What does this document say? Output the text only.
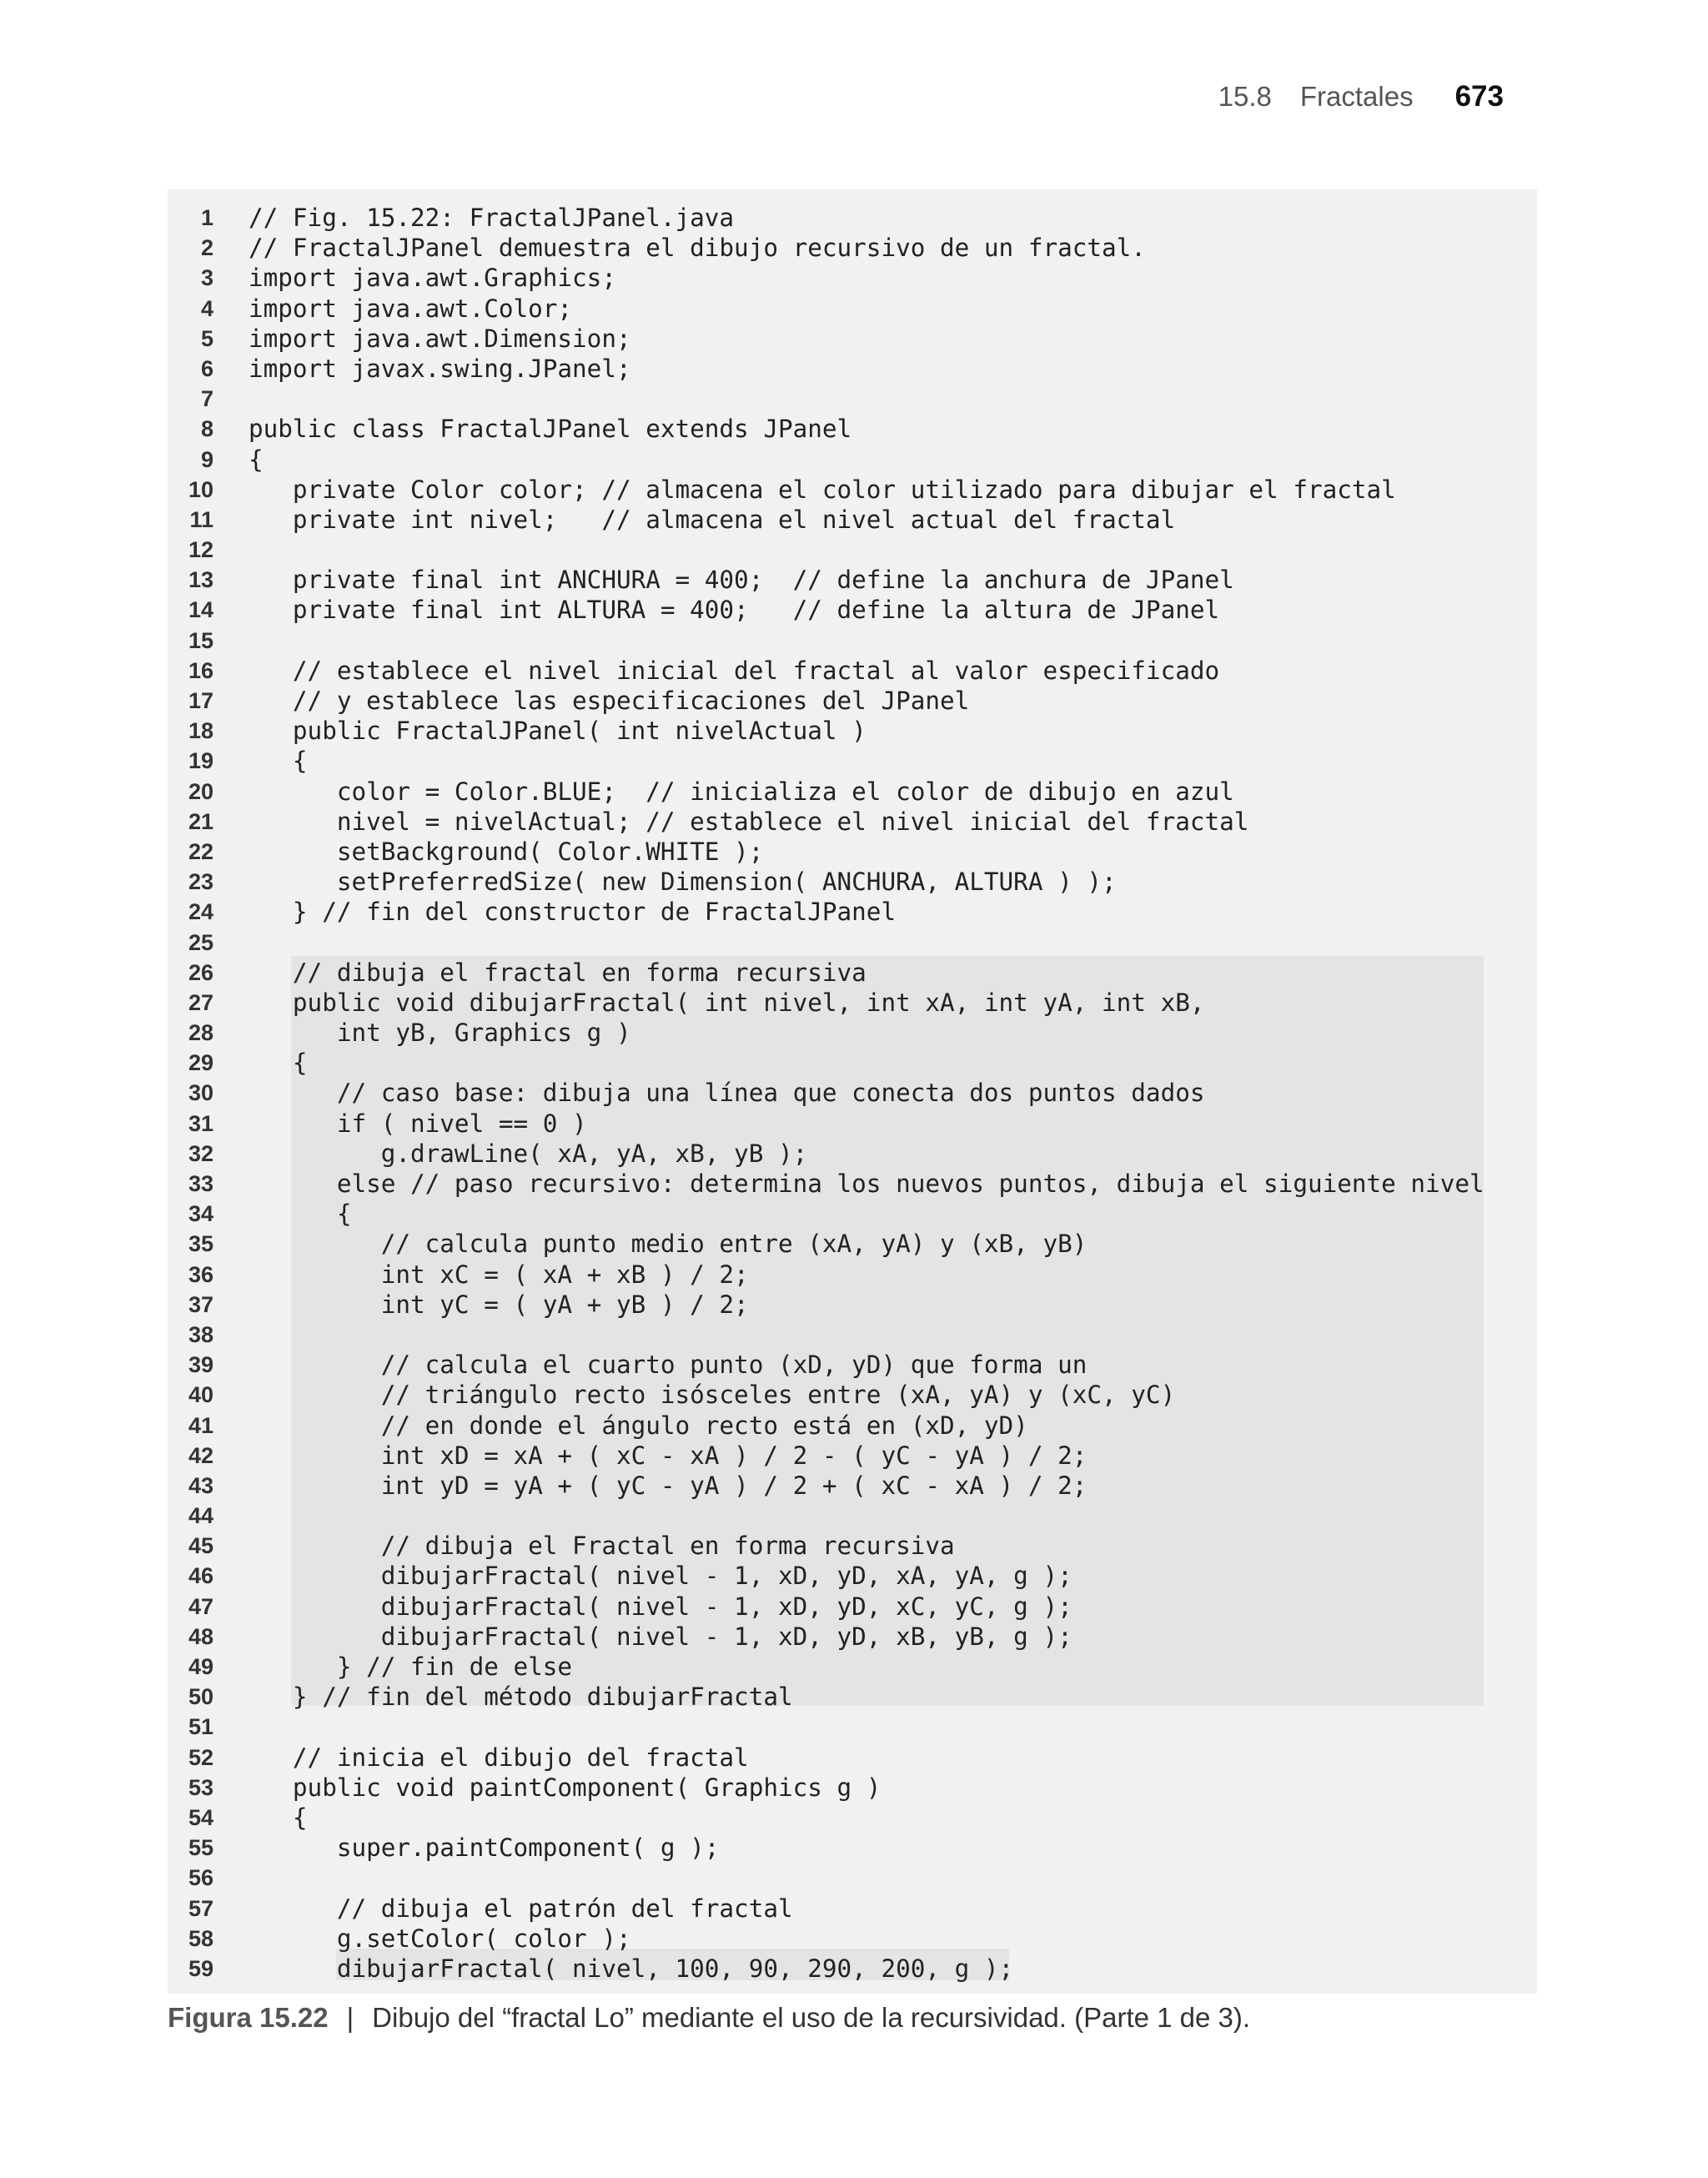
15.8 Fractales 673
1 // Fig. 15.22: FractalJPanel.java
2 // FractalJPanel demuestra el dibujo recursivo de un fractal.
3 import java.awt.Graphics;
4 import java.awt.Color;
5 import java.awt.Dimension;
6 import javax.swing.JPanel;
7
8 public class FractalJPanel extends JPanel
9 {
10 private Color color; // almacena el color utilizado para dibujar el fractal
11 private int nivel;   // almacena el nivel actual del fractal
12
13 private final int ANCHURA = 400;  // define la anchura de JPanel
14 private final int ALTURA = 400;   // define la altura de JPanel
15
16 // establece el nivel inicial del fractal al valor especificado
17 // y establece las especificaciones del JPanel
18 public FractalJPanel( int nivelActual )
19 {
20 color = Color.BLUE;  // inicializa el color de dibujo en azul
21 nivel = nivelActual; // establece el nivel inicial del fractal
22 setBackground( Color.WHITE );
23 setPreferredSize( new Dimension( ANCHURA, ALTURA ) );
24 } // fin del constructor de FractalJPanel
25
26 // dibuja el fractal en forma recursiva
27 public void dibujarFractal( int nivel, int xA, int yA, int xB,
28 int yB, Graphics g )
29 {
30 // caso base: dibuja una línea que conecta dos puntos dados
31 if ( nivel == 0 )
32 g.drawLine( xA, yA, xB, yB );
33 else // paso recursivo: determina los nuevos puntos, dibuja el siguiente nivel
34 {
35 // calcula punto medio entre (xA, yA) y (xB, yB)
36 int xC = ( xA + xB ) / 2;
37 int yC = ( yA + yB ) / 2;
38
39 // calcula el cuarto punto (xD, yD) que forma un
40 // triángulo recto isósceles entre (xA, yA) y (xC, yC)
41 // en donde el ángulo recto está en (xD, yD)
42 int xD = xA + ( xC - xA ) / 2 - ( yC - yA ) / 2;
43 int yD = yA + ( yC - yA ) / 2 + ( xC - xA ) / 2;
44
45 // dibuja el Fractal en forma recursiva
46 dibujarFractal( nivel - 1, xD, yD, xA, yA, g );
47 dibujarFractal( nivel - 1, xD, yD, xC, yC, g );
48 dibujarFractal( nivel - 1, xD, yD, xB, yB, g );
49 } // fin de else
50 } // fin del método dibujarFractal
51
52 // inicia el dibujo del fractal
53 public void paintComponent( Graphics g )
54 {
55 super.paintComponent( g );
56
57 // dibuja el patrón del fractal
58 g.setColor( color );
59 dibujarFractal( nivel, 100, 90, 290, 200, g );
Figura 15.22 | Dibujo del “fractal Lo” mediante el uso de la recursividad. (Parte 1 de 3).
